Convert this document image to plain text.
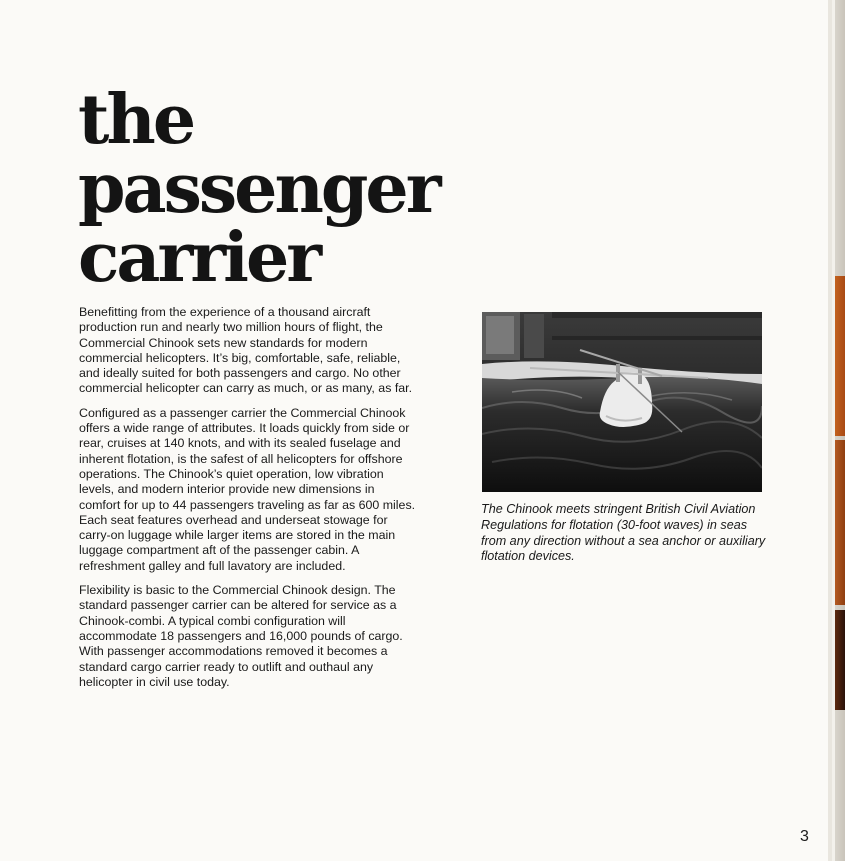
the
passenger
carrier

Benefitting from the experience of a thousand aircraft production run and nearly two million hours of flight, the Commercial Chinook sets new standards for modern commercial helicopters. It’s big, comfortable, safe, reliable, and ideally suited for both passengers and cargo. No other commercial helicopter can carry as much, or as many, as far.

Configured as a passenger carrier the Commercial Chinook offers a wide range of attributes. It loads quickly from side or rear, cruises at 140 knots, and with its sealed fuselage and inherent flotation, is the safest of all helicopters for offshore operations. The Chinook’s quiet operation, low vibration levels, and modern interior provide new dimensions in comfort for up to 44 passengers traveling as far as 600 miles. Each seat features overhead and underseat stowage for carry-on luggage while larger items are stored in the main luggage compartment aft of the passenger cabin. A refreshment galley and full lavatory are included.

Flexibility is basic to the Commercial Chinook design. The standard passenger carrier can be altered for service as a Chinook-combi. A typical combi configuration will accommodate 18 passengers and 16,000 pounds of cargo. With passenger accommodations removed it becomes a standard cargo carrier ready to outlift and outhaul any helicopter in civil use today.

The Chinook meets stringent British Civil Aviation Regulations for flotation (30-foot waves) in seas from any direction without a sea anchor or auxiliary flotation devices.
3
